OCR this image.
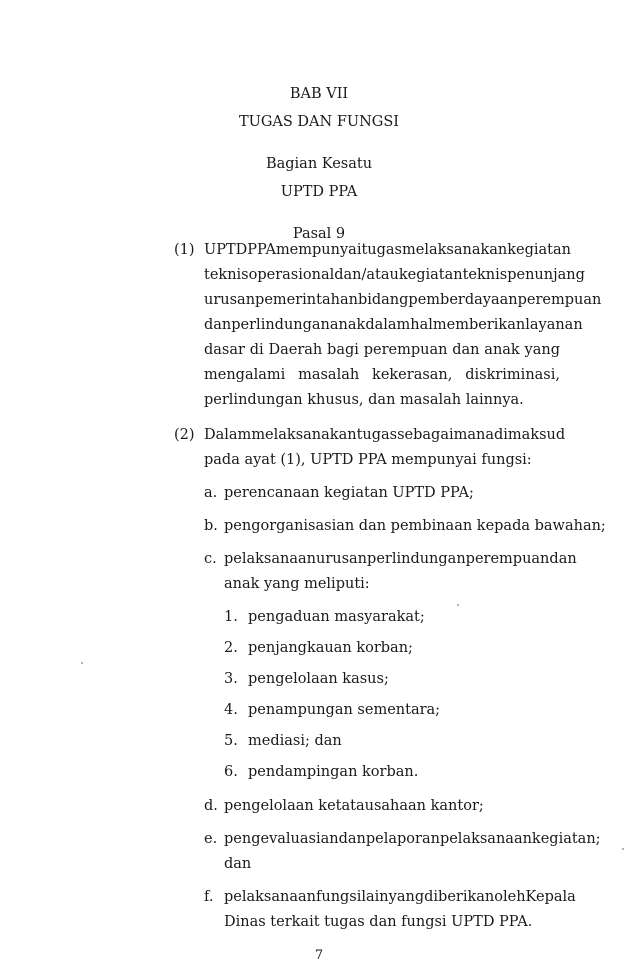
BAB VII
TUGAS DAN FUNGSI
Bagian Kesatu
UPTD PPA
Pasal 9
(1) UPTD PPA mempunyai tugas melaksanakan kegiatan
teknis operasional dan/atau kegiatan teknis penunjang
urusan pemerintahan bidang pemberdayaan perempuan
dan perlindungan anak dalam hal memberikan layanan
dasar di Daerah bagi perempuan dan anak yang
mengalami masalah kekerasan, diskriminasi,
perlindungan khusus, dan masalah lainnya.
(2) Dalam melaksanakan tugas sebagaimana dimaksud
pada ayat (1), UPTD PPA mempunyai fungsi:
a. perencanaan kegiatan UPTD PPA;
b. pengorganisasian dan pembinaan kepada bawahan;
c. pelaksanaan urusan perlindungan perempuan dan
anak yang meliputi:
1. pengaduan masyarakat;
2. penjangkauan korban;
3. pengelolaan kasus;
4. penampungan sementara;
5. mediasi; dan
6. pendampingan korban.
d. pengelolaan ketatausahaan kantor;
e. pengevaluasian dan pelaporan pelaksanaan kegiatan;
dan
f. pelaksanaan fungsi lain yang diberikan oleh Kepala
Dinas terkait tugas dan fungsi UPTD PPA.
7
